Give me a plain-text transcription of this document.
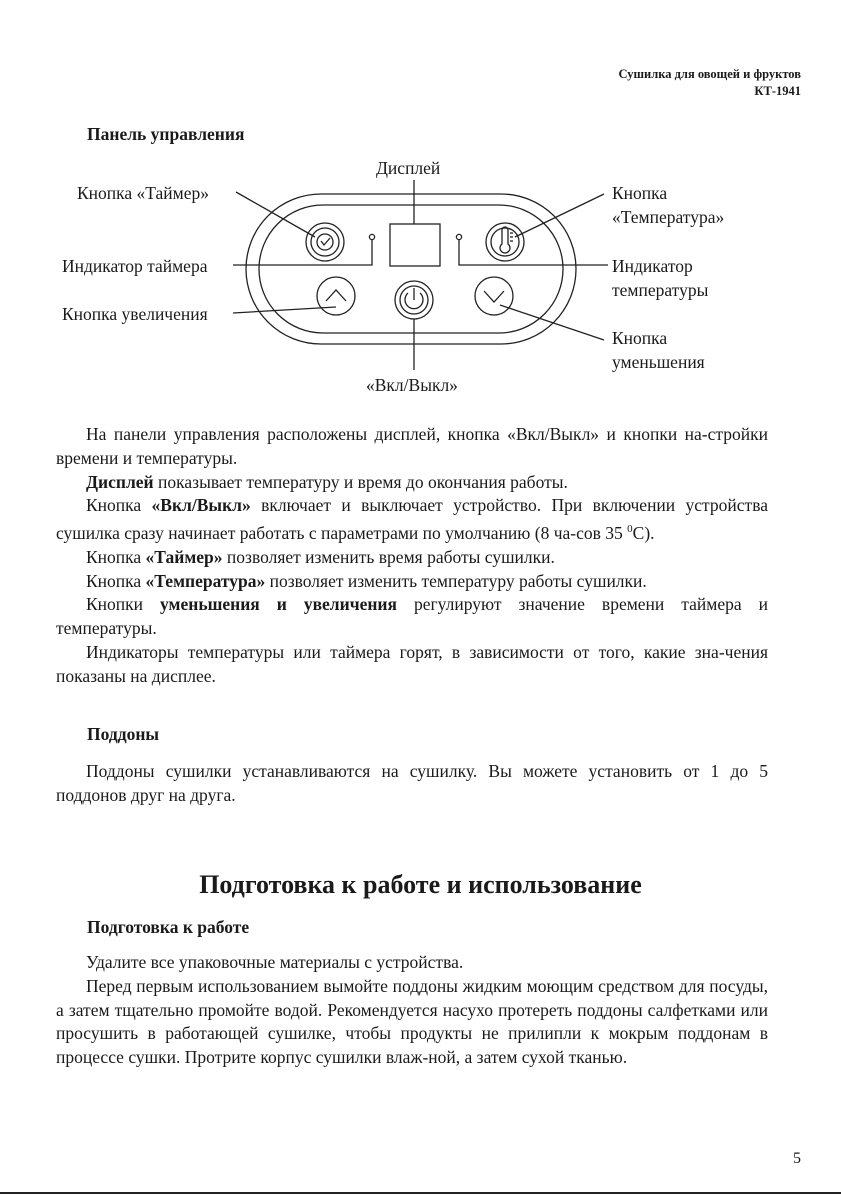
Сушилка для овощей и фруктов
КТ-1941
Панель управления
Дисплей
Кнопка «Таймер»	Кнопка
«Температура»
Индикатор таймера	Индикатор
температуры
Кнопка увеличения
Кнопка
уменьшения
«Вкл/Выкл»

На панели управления расположены дисплей, кнопка «Вкл/Выкл» и кнопки на-стройки времени и температуры.

Дисплей показывает температуру и время до окончания работы.

Кнопка «Вкл/Выкл» включает и выключает устройство. При включении устройства сушилка сразу начинает работать с параметрами по умолчанию (8 ча-сов 35 $^0$С).

Кнопка «Таймер» позволяет изменить время работы сушилки.

Кнопка «Температура» позволяет изменить температуру работы сушилки.

Кнопки уменьшения и увеличения регулируют значение времени таймера и температуры.

Индикаторы температуры или таймера горят, в зависимости от того, какие зна-чения показаны на дисплее.

Поддоны

Поддоны сушилки устанавливаются на сушилку. Вы можете установить от 1 до 5 поддонов друг на друга.

Подготовка к работе и использование
Подготовка к работе

Удалите все упаковочные материалы с устройства.

Перед первым использованием вымойте поддоны жидким моющим средством для посуды, а затем тщательно промойте водой. Рекомендуется насухо протереть поддоны салфетками или просушить в работающей сушилке, чтобы продукты не прилипли к мокрым поддонам в процессе сушки. Протрите корпус сушилки влаж-ной, а затем сухой тканью.

5
